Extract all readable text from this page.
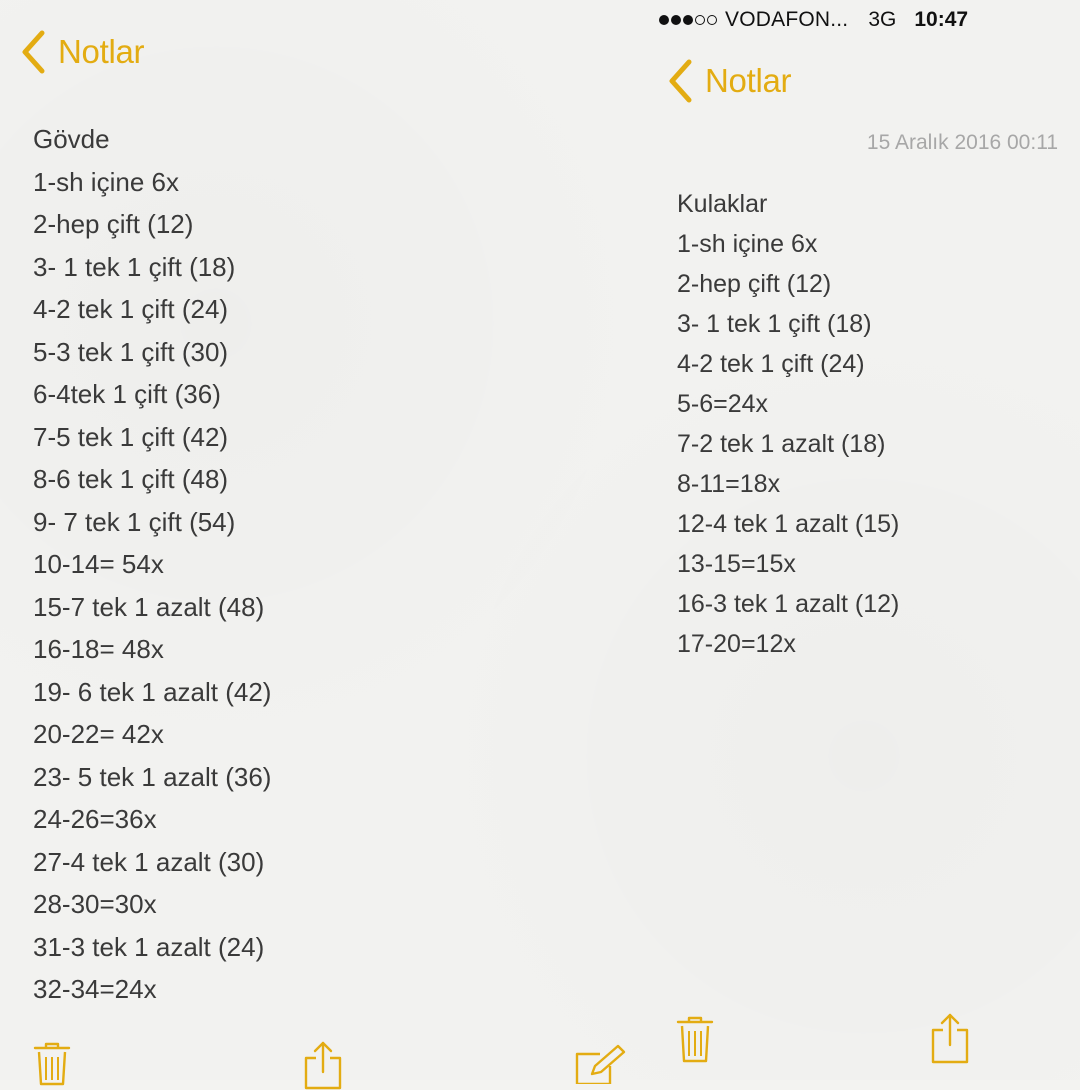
Notlar
Gövde
1-sh içine 6x
2-hep çift (12)
3- 1 tek 1 çift (18)
4-2 tek 1 çift (24)
5-3 tek 1 çift (30)
6-4tek 1 çift (36)
7-5 tek 1 çift (42)
8-6 tek 1 çift (48)
9- 7 tek 1 çift (54)
10-14= 54x
15-7 tek 1 azalt (48)
16-18= 48x
19- 6 tek 1 azalt (42)
20-22= 42x
23- 5 tek 1 azalt (36)
24-26=36x
27-4 tek 1 azalt (30)
28-30=30x
31-3 tek 1 azalt (24)
32-34=24x
VODAFON... 3G 10:47
Notlar
15 Aralık 2016 00:11
Kulaklar
1-sh içine 6x
2-hep çift (12)
3- 1 tek 1 çift (18)
4-2 tek 1 çift (24)
5-6=24x
7-2 tek 1 azalt (18)
8-11=18x
12-4 tek 1 azalt (15)
13-15=15x
16-3 tek 1 azalt (12)
17-20=12x
